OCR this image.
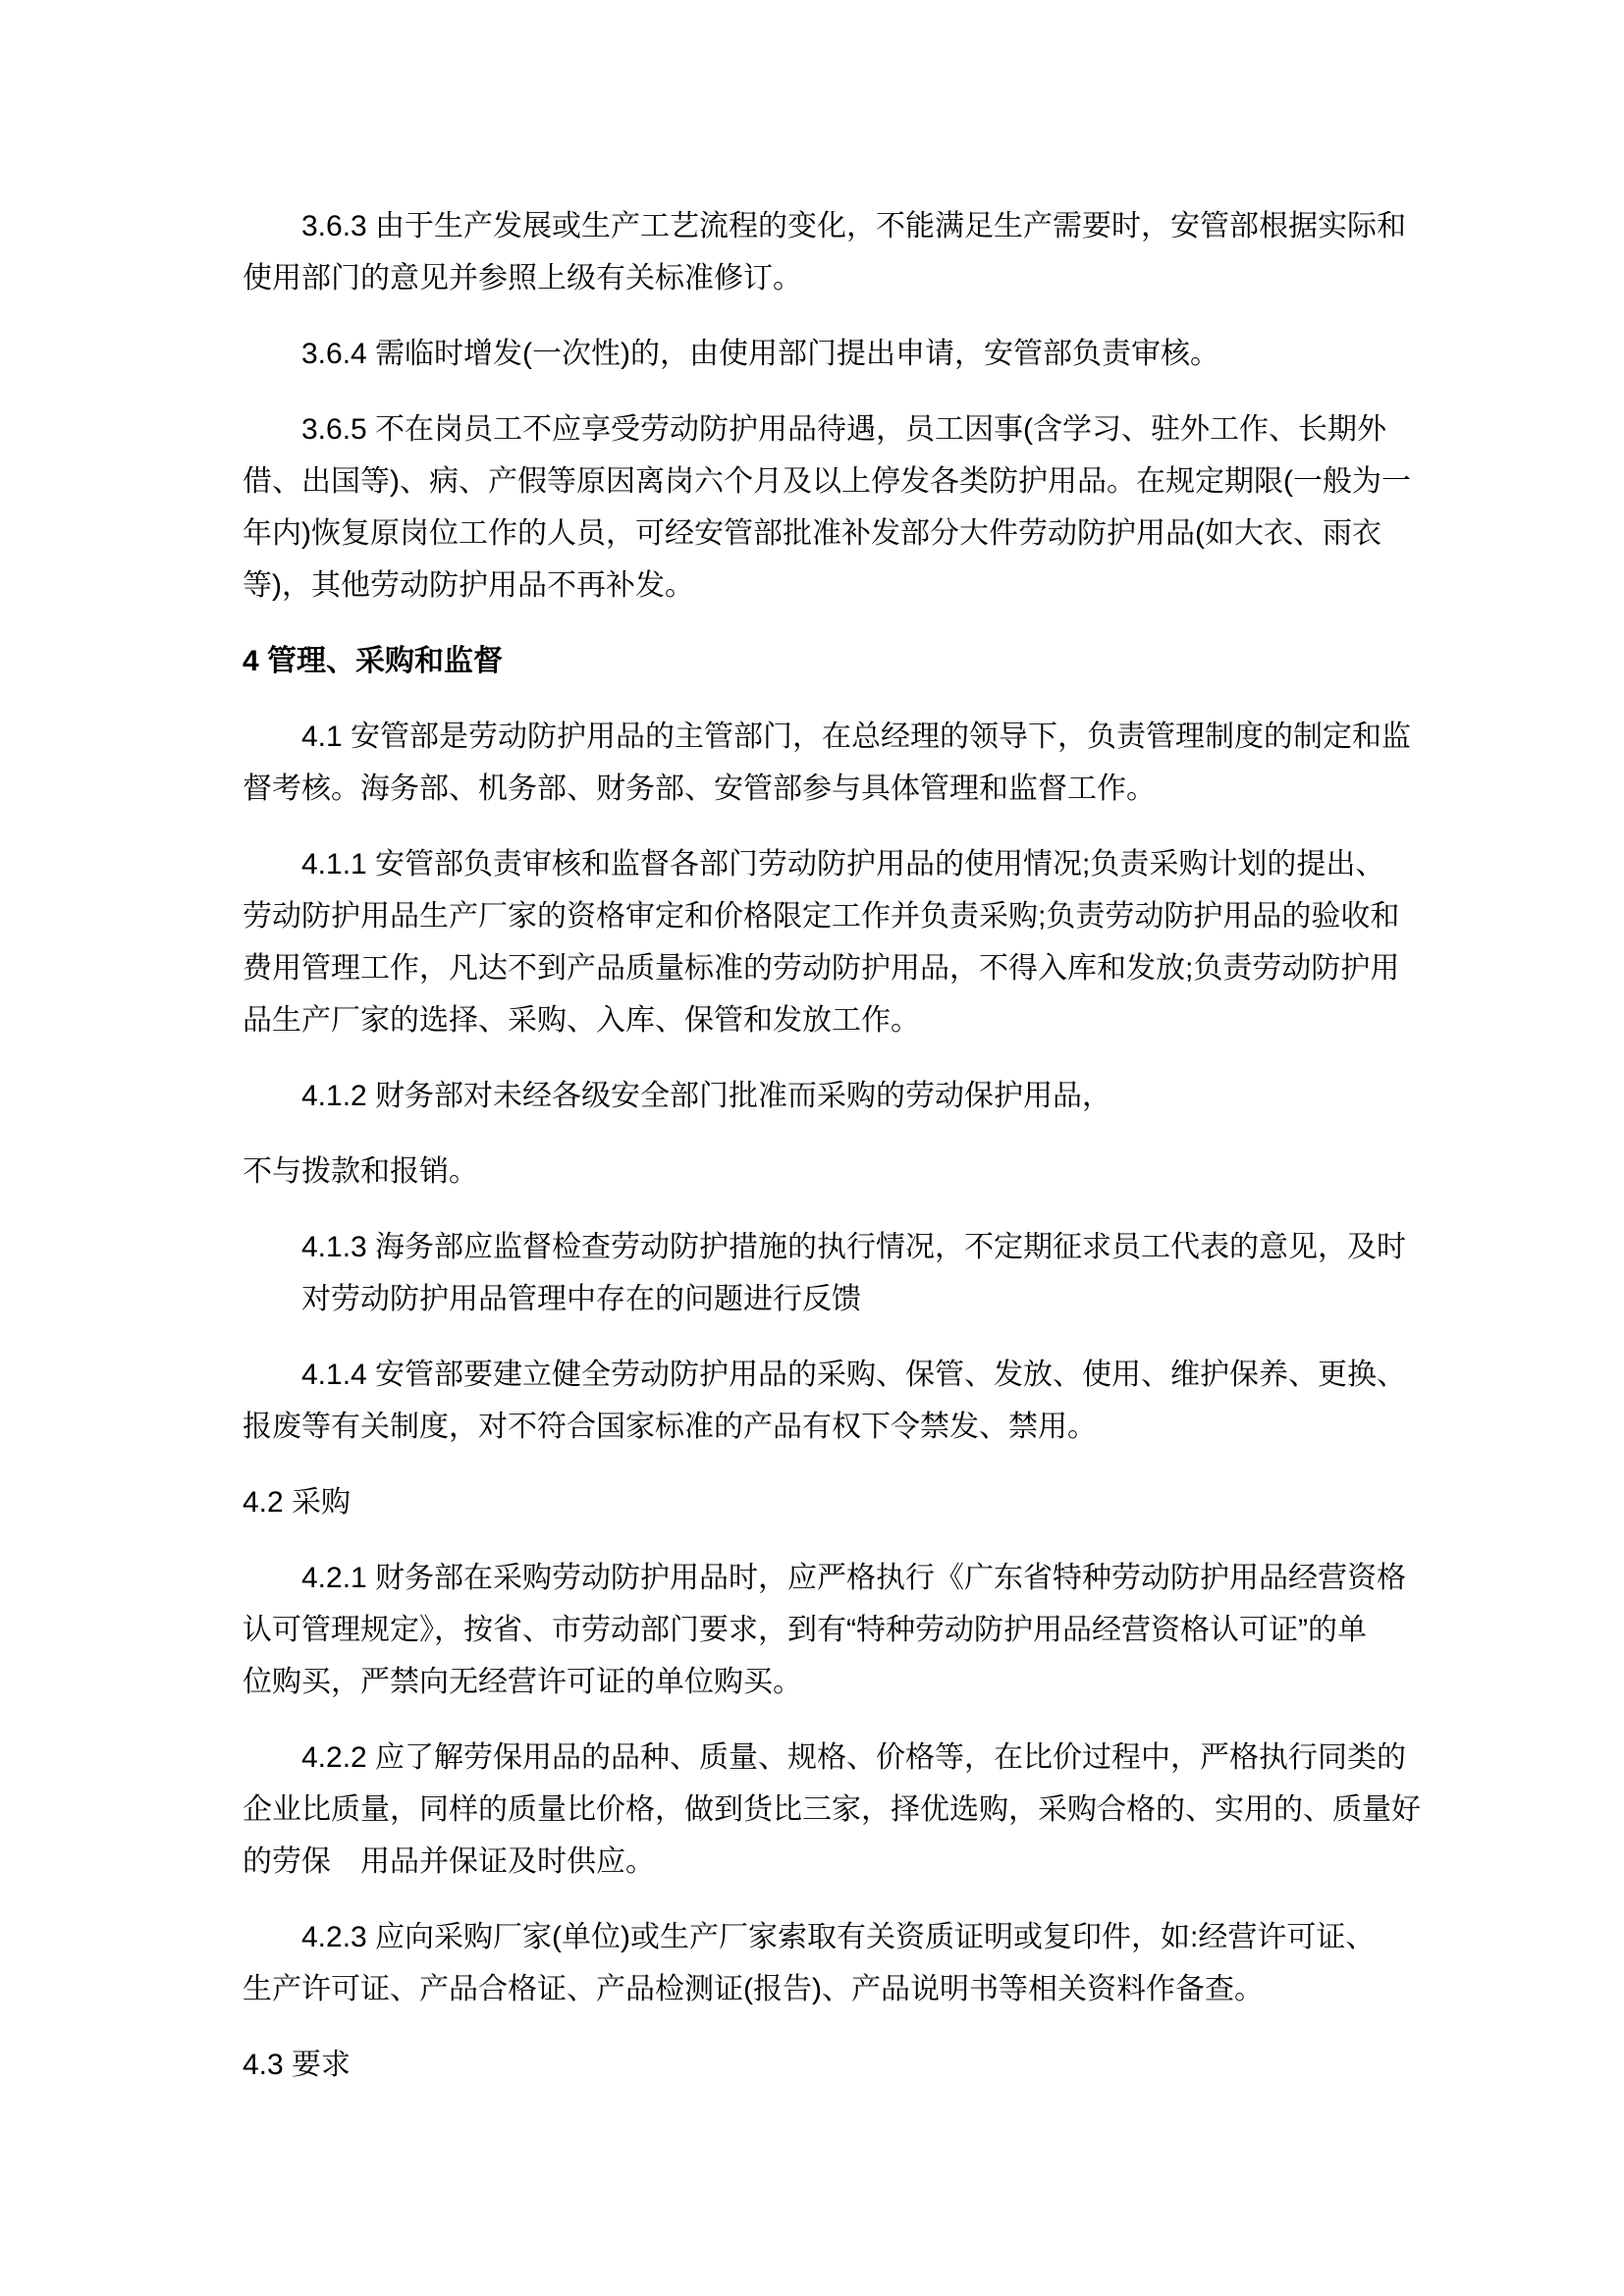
3.6.3 由于生产发展或生产工艺流程的变化，不能满足生产需要时，安管部根据实际和
使用部门的意见并参照上级有关标准修订。
3.6.4 需临时增发(一次性)的，由使用部门提出申请，安管部负责审核。
3.6.5 不在岗员工不应享受劳动防护用品待遇，员工因事(含学习、驻外工作、长期外
借、出国等)、病、产假等原因离岗六个月及以上停发各类防护用品。在规定期限(一般为一
年内)恢复原岗位工作的人员，可经安管部批准补发部分大件劳动防护用品(如大衣、雨衣
等)，其他劳动防护用品不再补发。
4 管理、采购和监督
4.1 安管部是劳动防护用品的主管部门，在总经理的领导下，负责管理制度的制定和监
督考核。海务部、机务部、财务部、安管部参与具体管理和监督工作。
4.1.1 安管部负责审核和监督各部门劳动防护用品的使用情况;负责采购计划的提出、
劳动防护用品生产厂家的资格审定和价格限定工作并负责采购;负责劳动防护用品的验收和
费用管理工作，凡达不到产品质量标准的劳动防护用品，不得入库和发放;负责劳动防护用
品生产厂家的选择、采购、入库、保管和发放工作。
4.1.2 财务部对未经各级安全部门批准而采购的劳动保护用品，
不与拨款和报销。
4.1.3 海务部应监督检查劳动防护措施的执行情况，不定期征求员工代表的意见，及时
对劳动防护用品管理中存在的问题进行反馈
4.1.4 安管部要建立健全劳动防护用品的采购、保管、发放、使用、维护保养、更换、
报废等有关制度，对不符合国家标准的产品有权下令禁发、禁用。
4.2 采购
4.2.1 财务部在采购劳动防护用品时，应严格执行《广东省特种劳动防护用品经营资格
认可管理规定》，按省、市劳动部门要求，到有“特种劳动防护用品经营资格认可证”的单
位购买，严禁向无经营许可证的单位购买。
4.2.2 应了解劳保用品的品种、质量、规格、价格等，在比价过程中，严格执行同类的
企业比质量，同样的质量比价格，做到货比三家，择优选购，采购合格的、实用的、质量好
的劳保　用品并保证及时供应。
4.2.3 应向采购厂家(单位)或生产厂家索取有关资质证明或复印件，如:经营许可证、
生产许可证、产品合格证、产品检测证(报告)、产品说明书等相关资料作备查。
4.3 要求
